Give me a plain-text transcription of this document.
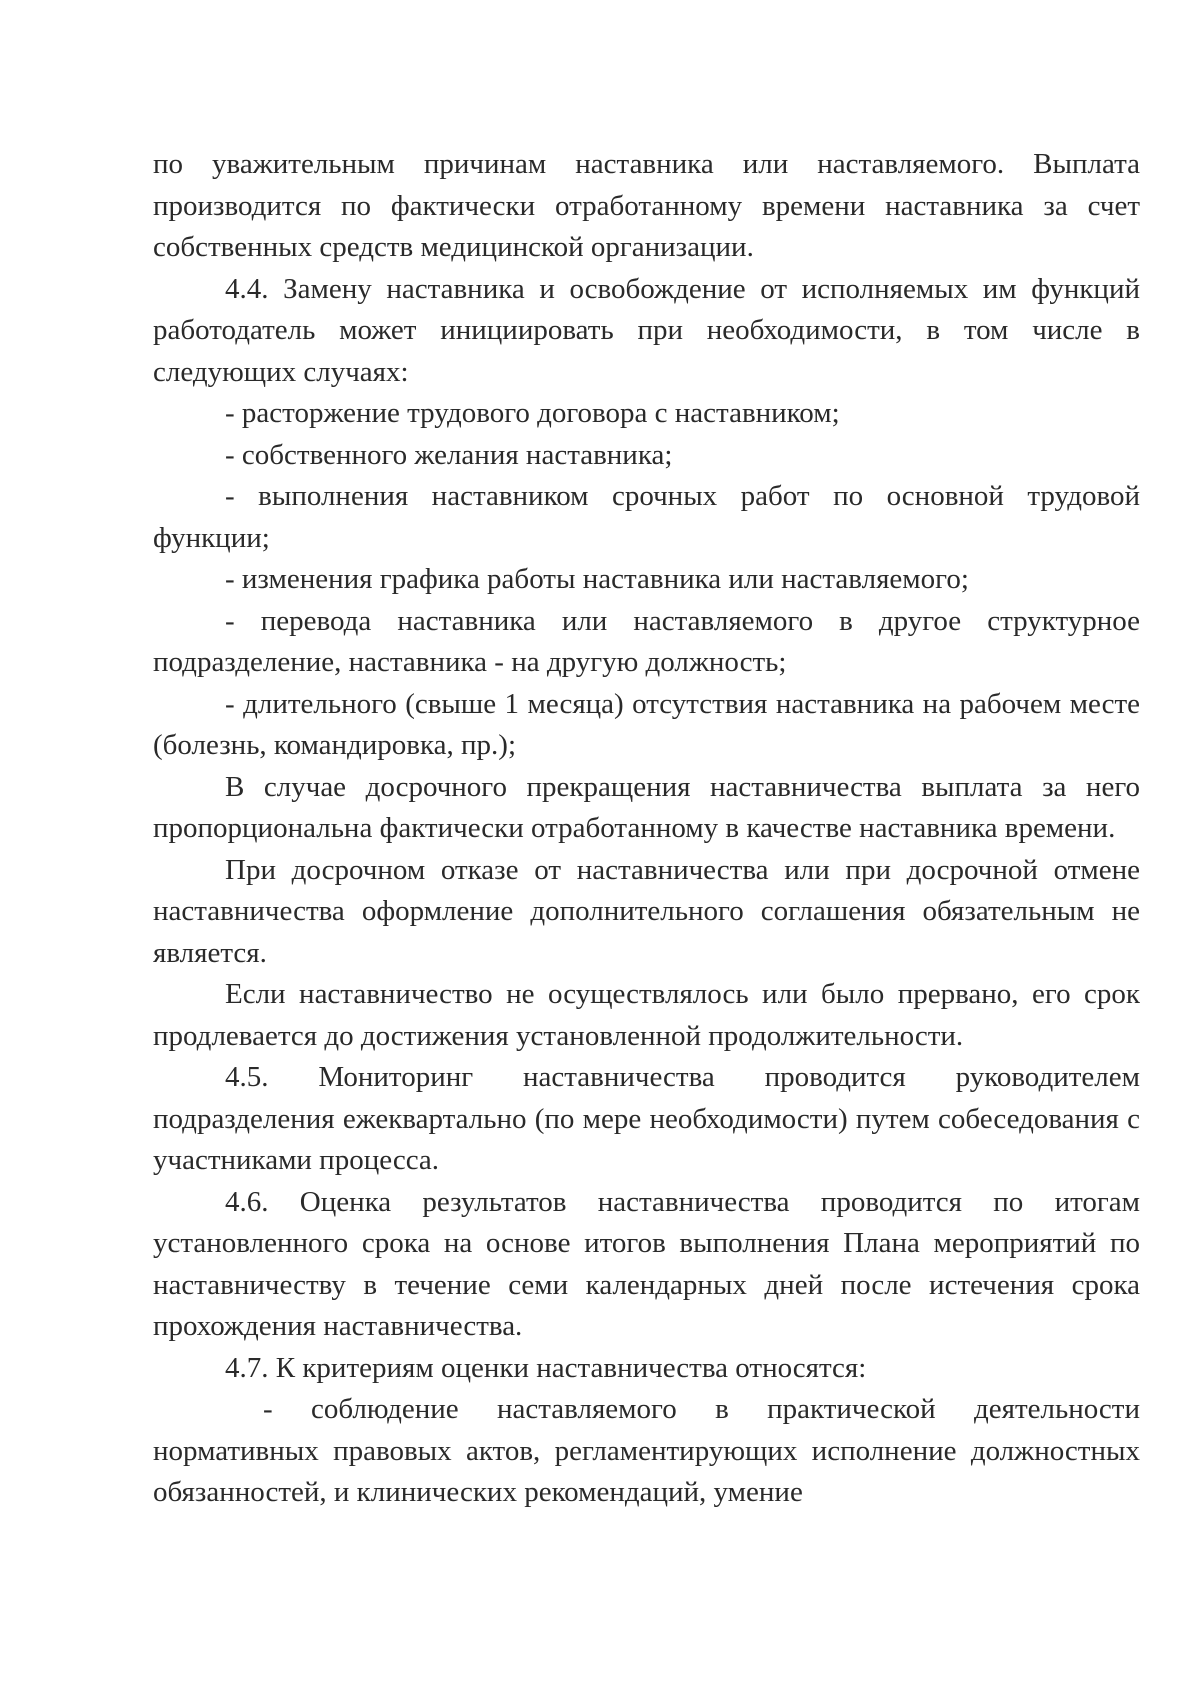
по уважительным причинам наставника или наставляемого. Выплата производится по фактически отработанному времени наставника за счет собственных средств медицинской организации.

4.4. Замену наставника и освобождение от исполняемых им функций работодатель может инициировать при необходимости, в том числе в следующих случаях:

- расторжение трудового договора с наставником;

- собственного желания наставника;

- выполнения наставником срочных работ по основной трудовой функции;

- изменения графика работы наставника или наставляемого;

- перевода наставника или наставляемого в другое структурное подразделение, наставника - на другую должность;

- длительного (свыше 1 месяца) отсутствия наставника на рабочем месте (болезнь, командировка, пр.);

В случае досрочного прекращения наставничества выплата за него пропорциональна фактически отработанному в качестве наставника времени.

При досрочном отказе от наставничества или при досрочной отмене наставничества оформление дополнительного соглашения обязательным не является.

Если наставничество не осуществлялось или было прервано, его срок продлевается до достижения установленной продолжительности.

4.5. Мониторинг наставничества проводится руководителем подразделения ежеквартально (по мере необходимости) путем собеседования с участниками процесса.

4.6. Оценка результатов наставничества проводится по итогам установленного срока на основе итогов выполнения Плана мероприятий по наставничеству в течение семи календарных дней после истечения срока прохождения наставничества.

4.7. К критериям оценки наставничества относятся:

- соблюдение наставляемого в практической деятельности нормативных правовых актов, регламентирующих исполнение должностных обязанностей, и клинических рекомендаций, умение
